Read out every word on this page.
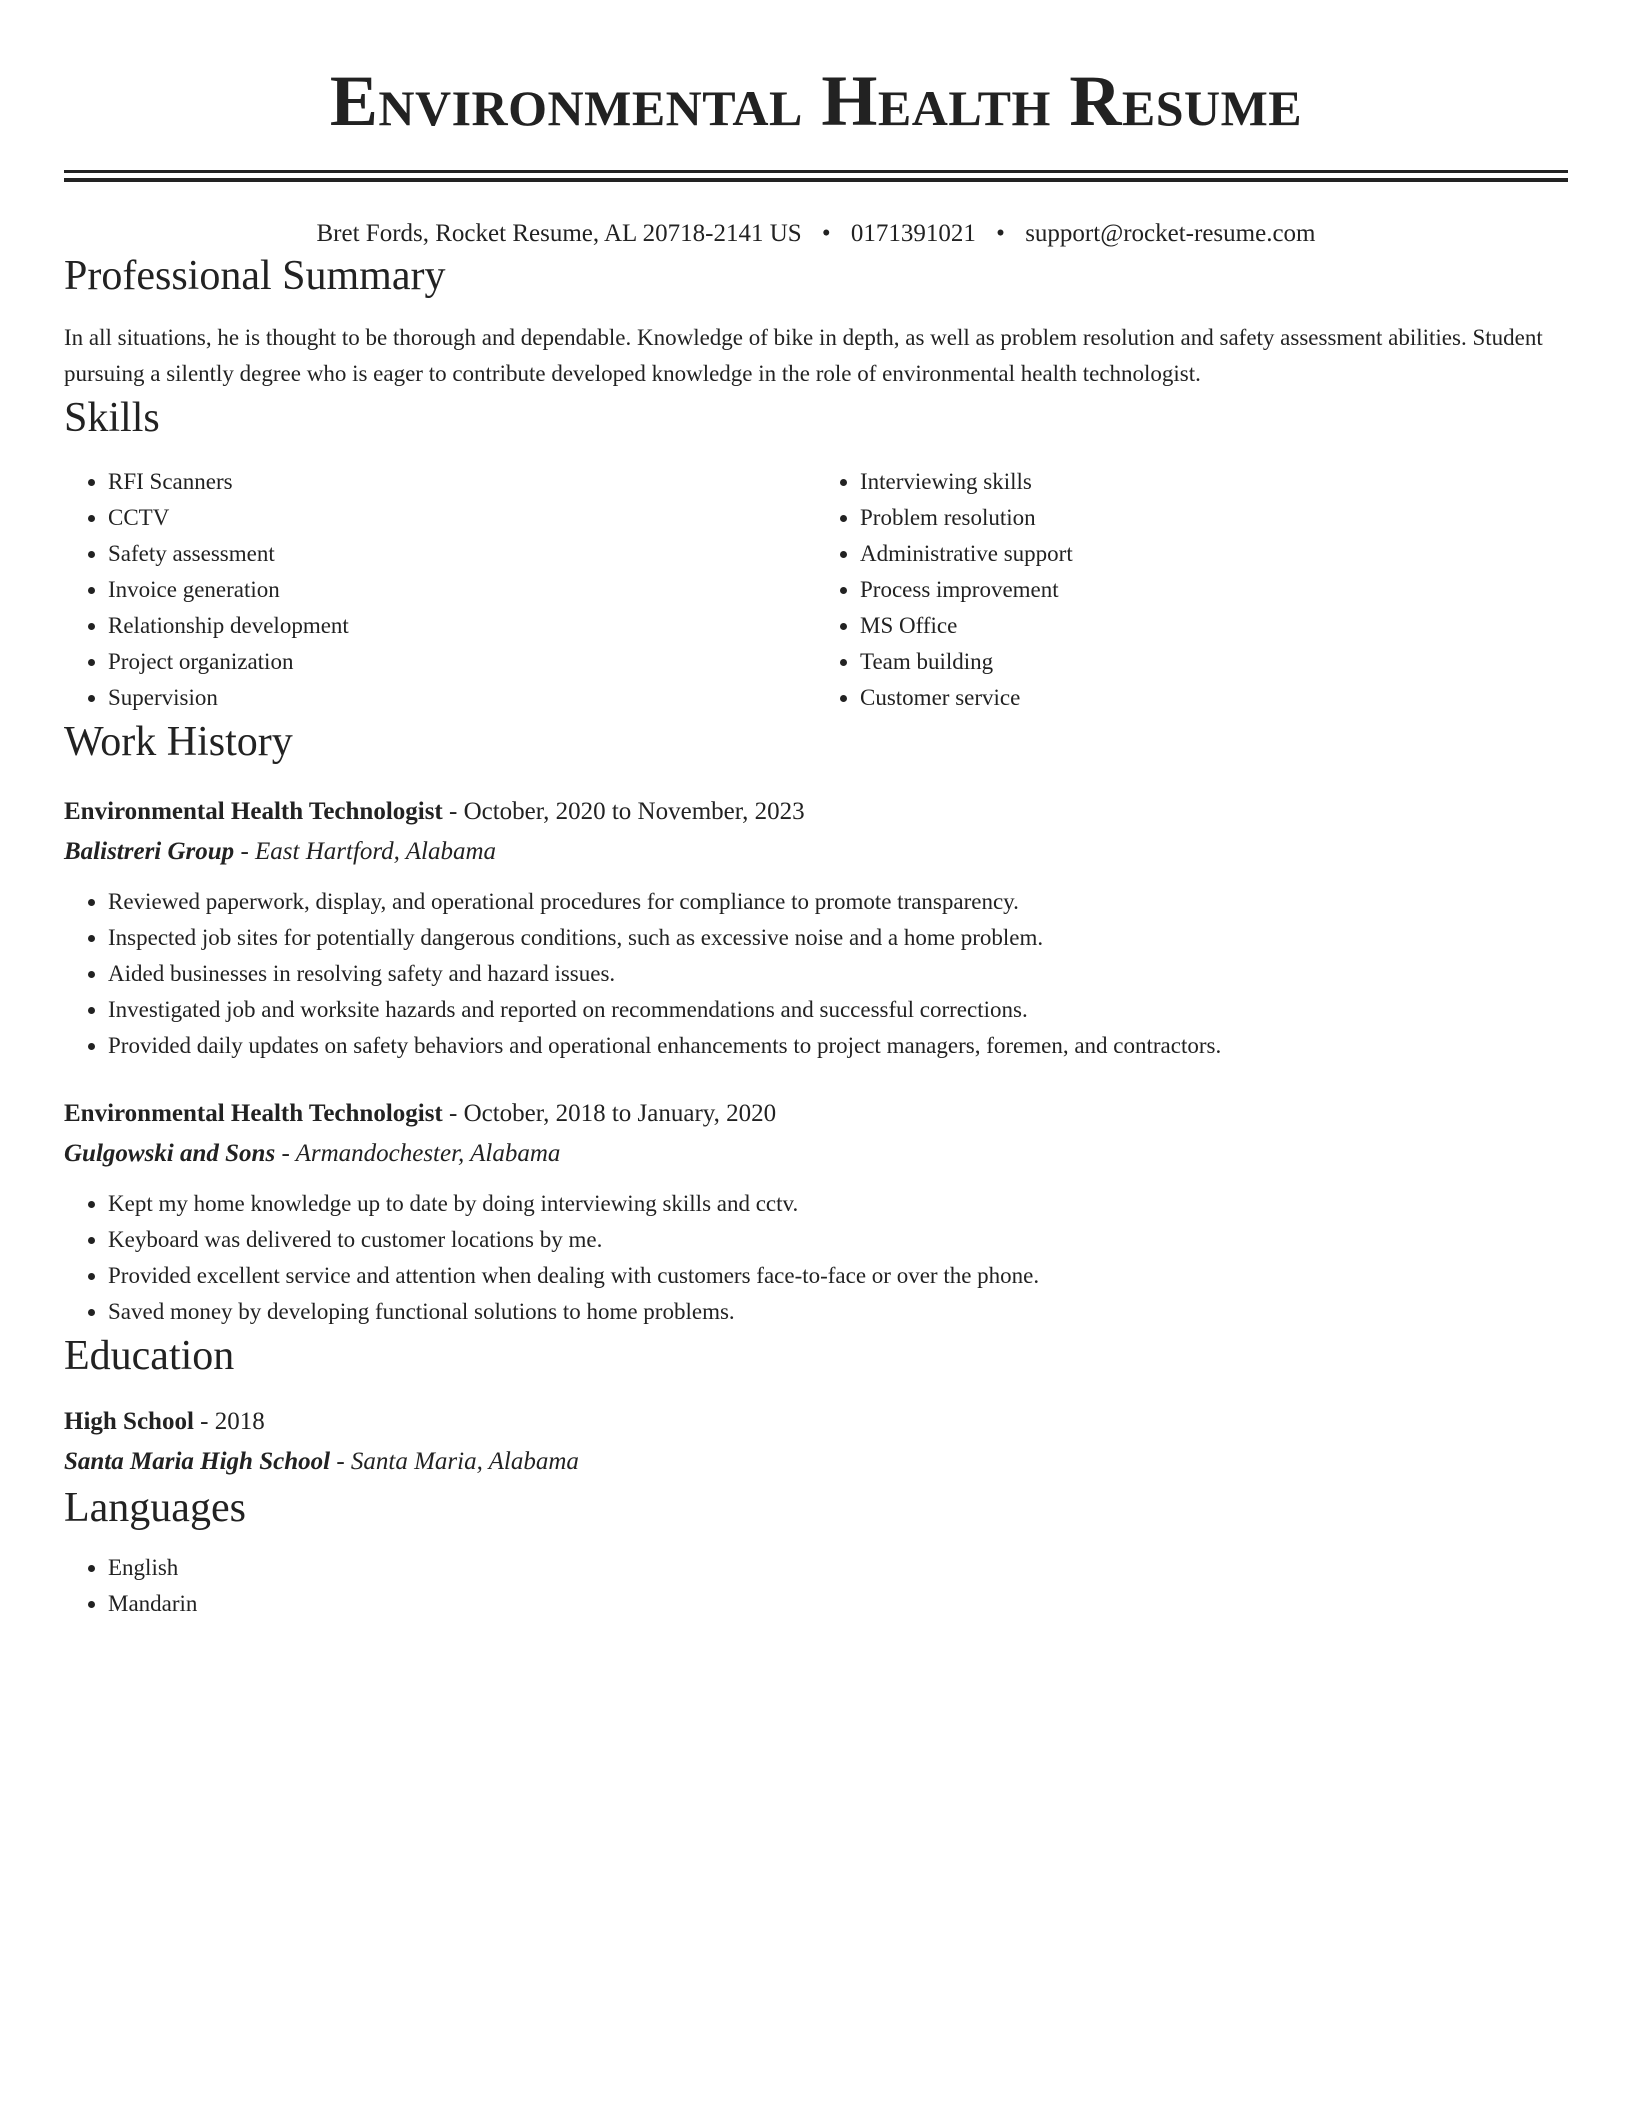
Environmental Health Resume
Bret Fords, Rocket Resume, AL 20718-2141 US • 0171391021 • support@rocket-resume.com
Professional Summary
In all situations, he is thought to be thorough and dependable. Knowledge of bike in depth, as well as problem resolution and safety assessment abilities. Student pursuing a silently degree who is eager to contribute developed knowledge in the role of environmental health technologist.
Skills
• RFI Scanners
• CCTV
• Safety assessment
• Invoice generation
• Relationship development
• Project organization
• Supervision
• Interviewing skills
• Problem resolution
• Administrative support
• Process improvement
• MS Office
• Team building
• Customer service
Work History
Environmental Health Technologist - October, 2020 to November, 2023
Balistreri Group - East Hartford, Alabama
• Reviewed paperwork, display, and operational procedures for compliance to promote transparency.
• Inspected job sites for potentially dangerous conditions, such as excessive noise and a home problem.
• Aided businesses in resolving safety and hazard issues.
• Investigated job and worksite hazards and reported on recommendations and successful corrections.
• Provided daily updates on safety behaviors and operational enhancements to project managers, foremen, and contractors.
Environmental Health Technologist - October, 2018 to January, 2020
Gulgowski and Sons - Armandochester, Alabama
• Kept my home knowledge up to date by doing interviewing skills and cctv.
• Keyboard was delivered to customer locations by me.
• Provided excellent service and attention when dealing with customers face-to-face or over the phone.
• Saved money by developing functional solutions to home problems.
Education
High School - 2018
Santa Maria High School - Santa Maria, Alabama
Languages
• English
• Mandarin
